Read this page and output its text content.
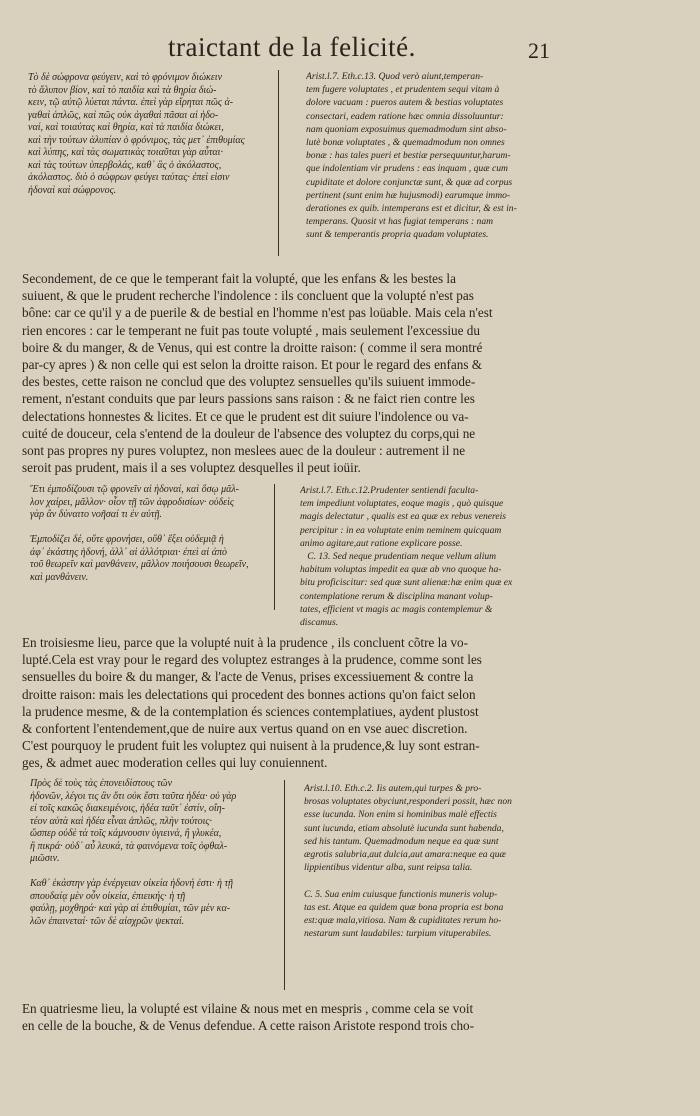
traictant de la felicité.	21
Τὸ δὲ σώφρονα φεύγειν, καὶ τὸ φρόνιμον διώκειν
τὸ ἄλυπον βίον, καὶ τὸ παιδία καὶ τὰ θηρία διώ-
κειν, τῷ αὐτῷ λύεται πάντα. ἐπεὶ γὰρ εἴρηται πῶς ἀ-
γαθαὶ ἁπλῶς, καὶ πῶς οὐκ ἀγαθαὶ πᾶσαι αἱ ἡδο-
ναί, καὶ τοιαύτας καὶ θηρία, καὶ τὰ παιδία διώκει,
καὶ τὴν τούτων ἀλυπίαν ὁ φρόνιμος, τὰς μετ᾽ ἐπιθυμίας
καὶ λύπης, καὶ τὰς σωματικὰς τοιαῦται γὰρ αὗται·
καὶ τὰς τούτων ὑπερβολάς, καθ᾽ ἃς ὁ ἀκόλαστος,
ἀκόλαστος. διὸ ὁ σώφρων φεύγει ταύτας· ἐπεὶ εἰσιν
ἡδοναὶ καὶ σώφρονος.
Arist.l.7. Eth.c.13. Quod verò aiunt,temperan-
tem fugere voluptates , et prudentem sequi vitam à
dolore vacuam : pueros autem & bestias voluptates
consectari, eadem ratione hæc omnia dissoluuntur:
nam quoniam exposuimus quemadmodum sint abso-
lutè bonæ voluptates , & quemadmodum non omnes
bonæ : has tales pueri et bestiæ persequuntur,harum-
que indolentiam vir prudens : eas inquam , quæ cum
cupiditate et dolore conjunctæ sunt, & quæ ad corpus
pertinent (sunt enim hæ hujusmodi) earumque immo-
derationes ex quib. intemperans est et dicitur, & est in-
temperans. Quosit vt has fugiat temperans : nam
sunt & temperantis propria quadam voluptates.
Secondement, de ce que le temperant fait la volupté, que les enfans & les bestes la
suiuent, & que le prudent recherche l'indolence : ils concluent que la volupté n'est pas
bône: car ce qu'il y a de puerile & de bestial en l'homme n'est pas loüable. Mais cela n'est
rien encores : car le temperant ne fuit pas toute volupté , mais seulement l'excessiue du
boire & du manger, & de Venus, qui est contre la droitte raison: ( comme il sera montré
par-cy apres ) & non celle qui est selon la droitte raison. Et pour le regard des enfans &
des bestes, cette raison ne conclud que des voluptez sensuelles qu'ils suiuent immode-
rement, n'estant conduits que par leurs passions sans raison : & ne faict rien contre les
delectations honnestes & licites. Et ce que le prudent est dit suiure l'indolence ou va-
cuité de douceur, cela s'entend de la douleur de l'absence des voluptez du corps,qui ne
sont pas propres ny pures voluptez, non meslees auec de la douleur : autrement il ne
seroit pas prudent, mais il a ses voluptez desquelles il peut ioüir.
Ἔτι ἐμποδίζουσι τῷ φρονεῖν αἱ ἡδοναί, καὶ ὅσῳ μᾶλ-
λον χαίρει, μᾶλλον· οἷον τῇ τῶν ἀφροδισίων· οὐδεὶς
γὰρ ἂν δύναιτο νοῆσαί τι ἐν αὐτῇ.

Ἐμποδίζει δέ, οὔτε φρονήσει, οὔθ᾽ ἕξει οὐδεμιᾷ ἡ
ἀφ᾽ ἑκάστης ἡδονή, ἀλλ᾽ αἱ ἀλλότριαι· ἐπεὶ αἱ ἀπὸ
τοῦ θεωρεῖν καὶ μανθάνειν, μᾶλλον ποιήσουσι θεωρεῖν,
καὶ μανθάνειν.
Arist.l.7. Eth.c.12.Prudenter sentiendi faculta-
tem impediunt voluptates, eoque magis , quò quisque
magis delectatur , qualis est ea quæ ex rebus venereis
percipitur : in ea voluptate enim neminem quicquam
animo agitare,aut ratione explicare posse.
C. 13. Sed neque prudentiam neque vellum alium
habitum voluptas impedit ea quæ ab vno quoque ha-
bitu proficiscitur: sed quæ sunt alienæ:hæ enim quæ ex
contemplatione rerum & disciplina manant volup-
tates, efficient vt magis ac magis contemplemur &
discamus.
En troisiesme lieu, parce que la volupté nuit à la prudence , ils concluent cõtre la vo-
lupté.Cela est vray pour le regard des voluptez estranges à la prudence, comme sont les
sensuelles du boire & du manger, & l'acte de Venus, prises excessiuement & contre la
droitte raison: mais les delectations qui procedent des bonnes actions qu'on faict selon
la prudence mesme, & de la contemplation és sciences contemplatiues, aydent plustost
& confortent l'entendement,que de nuire aux vertus quand on en vse auec discretion.
C'est pourquoy le prudent fuit les voluptez qui nuisent à la prudence,& luy sont estran-
ges, & admet auec moderation celles qui luy conuiennent.
Πρὸς δὲ τοὺς τὰς ἐπονειδίστους τῶν
ἡδονῶν, λέγοι τις ἂν ὅτι οὐκ ἔστι ταῦτα ἡδέα· οὐ γὰρ
εἰ τοῖς κακῶς διακειμένοις, ἡδέα ταῦτ᾽ ἐστίν, οἴη-
τέον αὐτὰ καὶ ἡδέα εἶναι ἁπλῶς, πλὴν τούτοις·
ὥσπερ οὐδὲ τὰ τοῖς κάμνουσιν ὑγιεινά, ἢ γλυκέα,
ἢ πικρά· οὐδ᾽ αὖ λευκά, τὰ φαινόμενα τοῖς ὀφθαλ-
μιῶσιν.

Καθ᾽ ἑκάστην γὰρ ἐνέργειαν οἰκεία ἡδονή ἐστι· ἡ τῇ
σπουδαίᾳ μὲν οὖν οἰκεία, ἐπιεικής· ἡ τῇ
φαύλῃ, μοχθηρά· καὶ γὰρ αἱ ἐπιθυμίαι, τῶν μὲν κα-
λῶν ἐπαινεταί· τῶν δὲ αἰσχρῶν ψεκταί.
Arist.l.10. Eth.c.2. Iis autem,qui turpes & pro-
brosas voluptates obyciunt,responderi possit, hæc non
esse iucunda. Non enim si hominibus malè effectis
sunt iucunda, etiam absolutè iucunda sunt habenda,
sed his tantum. Quemadmodum neque ea quæ sunt
ægrotis salubria,aut dulcia,aut amara:neque ea quæ
lippientibus videntur alba, sunt reipsa talia.

C. 5. Sua enim cuiusque functionis muneris volup-
tas est. Atque ea quidem quæ bona propria est bona
est:quæ mala,vitiosa. Nam & cupiditates rerum ho-
nestarum sunt laudabiles: turpium vituperabiles.
En quatriesme lieu, la volupté est vilaine & nous met en mespris , comme cela se voit
en celle de la bouche, & de Venus defendue. A cette raison Aristote respond trois cho-
